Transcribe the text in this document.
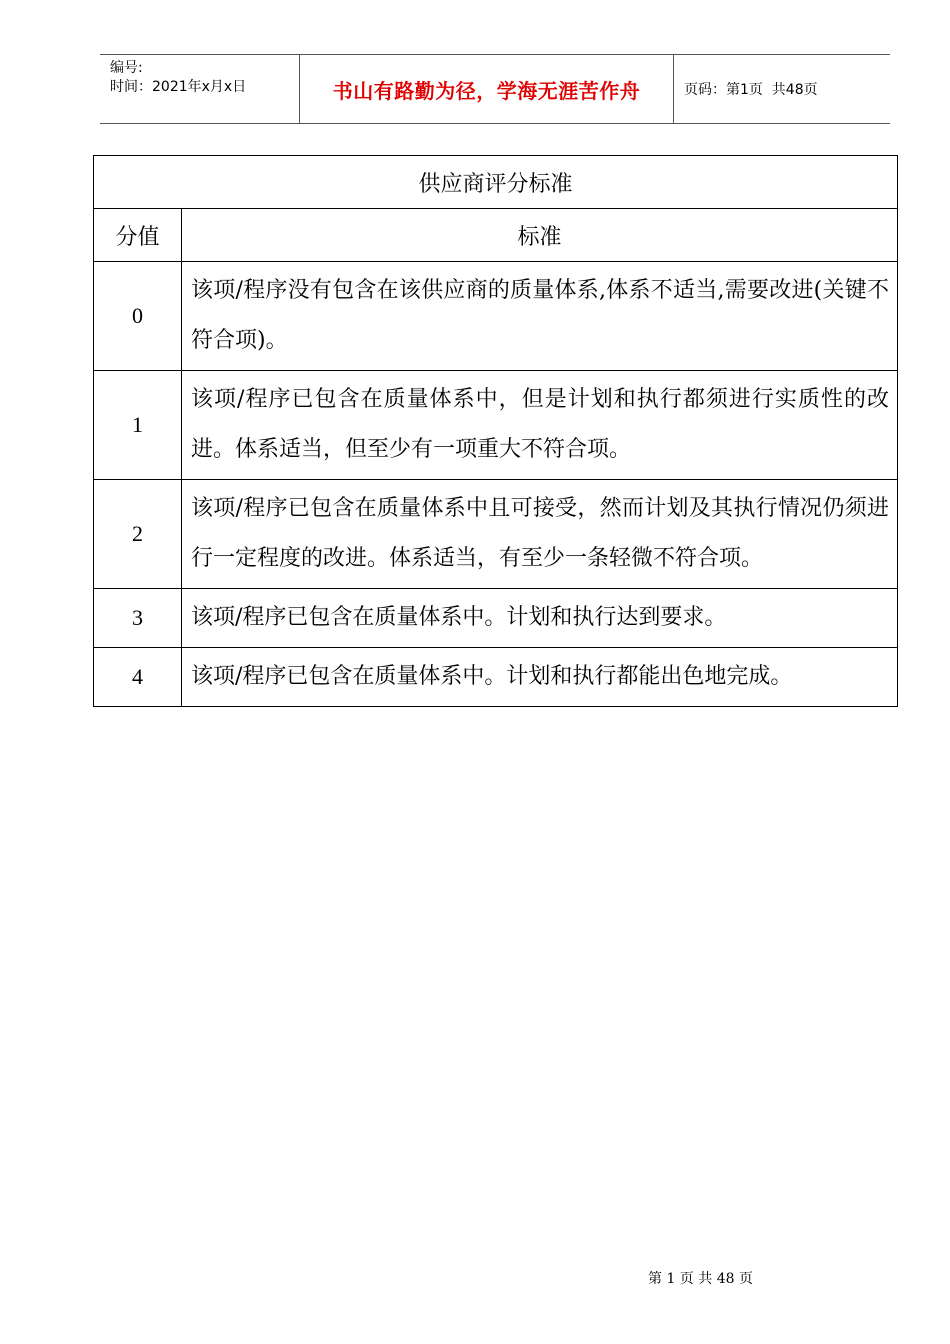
编号:
时间：2021年x月x日	书山有路勤为径，学海无涯苦作舟	页码：第1页  共48页
供应商评分标准	
分值	标准
0	该项/程序没有包含在该供应商的质量体系,体系不适当,需要改进(关键不符合项)。
1	该项/程序已包含在质量体系中，但是计划和执行都须进行实质性的改进。体系适当，但至少有一项重大不符合项。
2	该项/程序已包含在质量体系中且可接受，然而计划及其执行情况仍须进行一定程度的改进。体系适当，有至少一条轻微不符合项。
3	该项/程序已包含在质量体系中。计划和执行达到要求。
4	该项/程序已包含在质量体系中。计划和执行都能出色地完成。
第 1 页 共 48 页
